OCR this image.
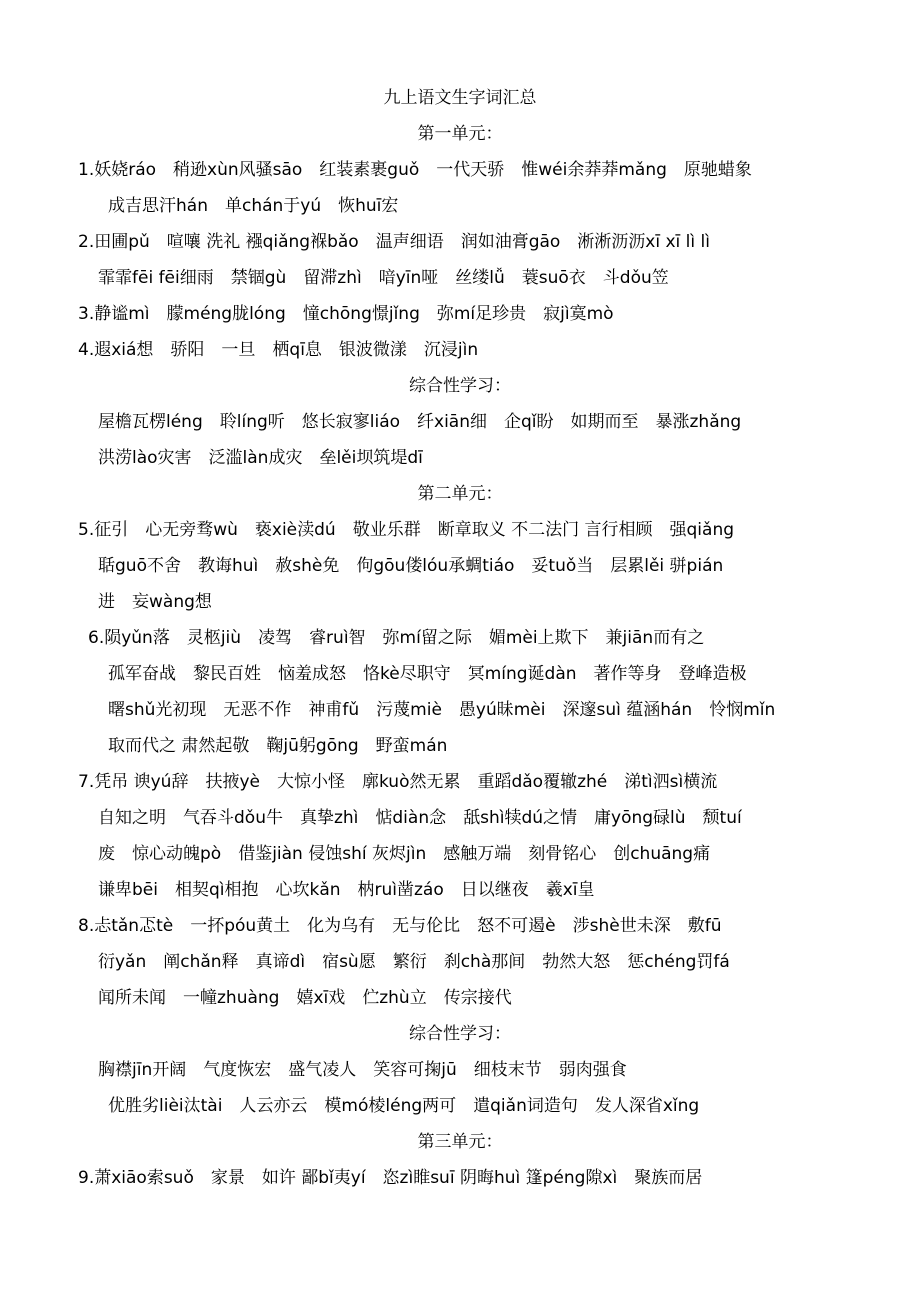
九上语文生字词汇总
第一单元：
1.妖娆ráo　稍逊xùn风骚sāo　红装素裹guǒ　一代天骄　惟wéi余莽莽mǎng　原驰蜡象
成吉思汗hán　单chán于yú　恢huī宏
2.田圃pǔ　喧嚷 洗礼 襁qiǎng褓bǎo　温声细语　润如油膏gāo　淅淅沥沥xī xī lì lì
霏霏fēi fēi细雨　禁锢gù　留滞zhì　喑yīn哑　丝缕lǚ　蓑suō衣　斗dǒu笠
3.静谧mì　朦méng胧lóng　憧chōng憬jǐng　弥mí足珍贵　寂jì寞mò
4.遐xiá想　骄阳　一旦　栖qī息　银波微漾　沉浸jìn
综合性学习：
屋檐瓦楞léng　聆líng听　悠长寂寥liáo　纤xiān细　企qǐ盼　如期而至　暴涨zhǎng
洪涝lào灾害　泛滥làn成灾　垒lěi坝筑堤dī
第二单元：
5.征引　心无旁骛wù　亵xiè渎dú　敬业乐群　断章取义 不二法门 言行相顾　强qiǎng
聒guō不舍　教诲huì　赦shè免　佝gōu偻lóu承蜩tiáo　妥tuǒ当　层累lěi 骈pián
进　妄wàng想
6.陨yǔn落　灵柩jiù　凌驾　睿ruì智　弥mí留之际　媚mèi上欺下　兼jiān而有之
孤军奋战　黎民百姓　恼羞成怒　恪kè尽职守　冥míng诞dàn　著作等身　登峰造极
曙shǔ光初现　无恶不作　神甫fǔ　污蔑miè　愚yú昧mèi　深邃suì 蕴涵hán　怜悯mǐn
取而代之 肃然起敬　鞠jū躬gōng　野蛮mán
7.凭吊 谀yú辞　扶掖yè　大惊小怪　廓kuò然无累　重蹈dǎo覆辙zhé　涕tì泗sì横流
自知之明　气吞斗dǒu牛　真挚zhì　惦diàn念　舐shì犊dú之情　庸yōng碌lù　颓tuí
废　惊心动魄pò　借鉴jiàn 侵蚀shí 灰烬jìn　感触万端　刻骨铭心　创chuāng痛
谦卑bēi　相契qì相抱　心坎kǎn　枘ruì凿záo　日以继夜　羲xī皇
8.忐tǎn忑tè　一抔póu黄土　化为乌有　无与伦比　怒不可遏è　涉shè世未深　敷fū
衍yǎn　阐chǎn释　真谛dì　宿sù愿　繁衍　刹chà那间　勃然大怒　惩chéng罚fá
闻所未闻　一幢zhuàng　嬉xī戏　伫zhù立　传宗接代
综合性学习：
胸襟jīn开阔　气度恢宏　盛气凌人　笑容可掬jū　细枝末节　弱肉强食
优胜劣lièi汰tài　人云亦云　模mó棱léng两可　遣qiǎn词造句　发人深省xǐng
第三单元：
9.萧xiāo索suǒ　家景　如许 鄙bǐ夷yí　恣zì睢suī 阴晦huì 篷péng隙xì　聚族而居
